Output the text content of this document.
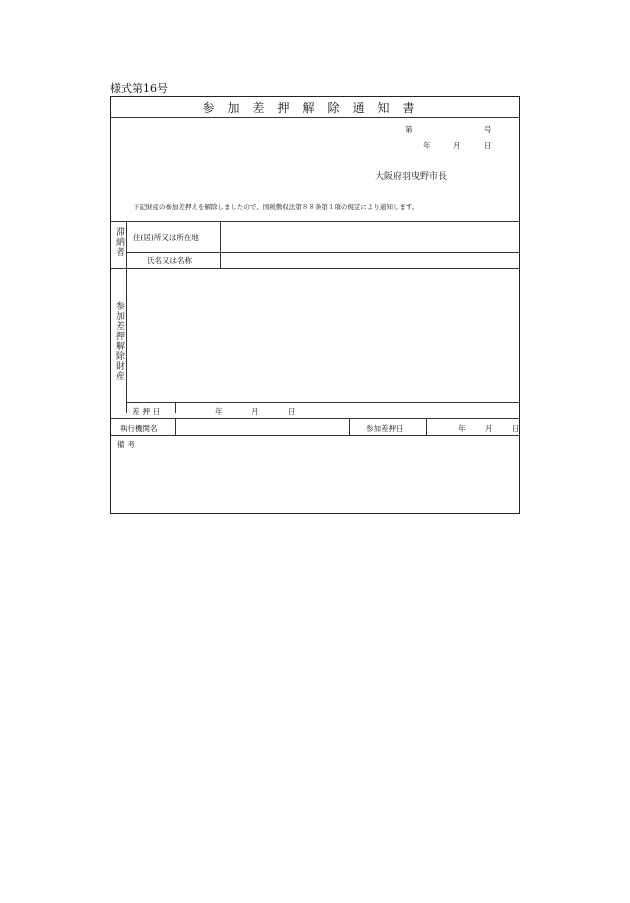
様式第16号
参加差押解除通知書
第	号
年	月	日
大阪府羽曳野市長
下記財産の参加差押えを解除しましたので、国税徴収法第８８条第１項の規定により通知します。
滞納者 住(居)所又は所在地
氏名又は名称
参加差押解除財産
差押日	年	月	日
執行機関名	参加差押日	年	月	日
備考
